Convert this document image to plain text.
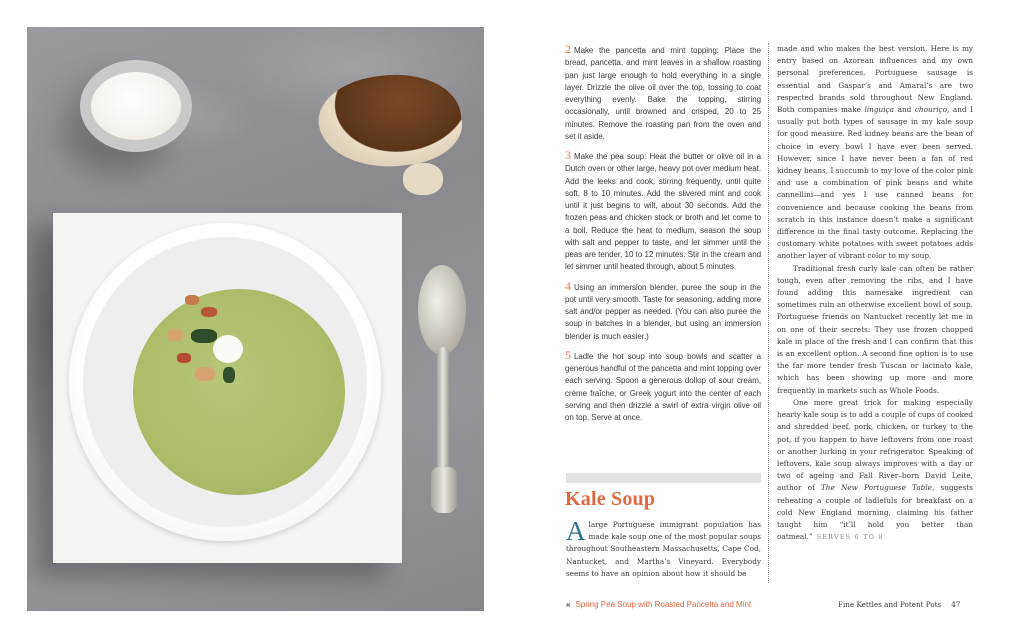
2 Make the pancetta and mint topping: Place the bread, pancetta, and mint leaves in a shallow roasting pan just large enough to hold everything in a single layer. Drizzle the olive oil over the top, tossing to coat everything evenly. Bake the topping, stirring occasionally, until browned and crisped, 20 to 25 minutes. Remove the roasting pan from the oven and set it aside.

3 Make the pea soup: Heat the butter or olive oil in a Dutch oven or other large, heavy pot over medium heat. Add the leeks and cook, stirring frequently, until quite soft, 8 to 10 minutes. Add the slivered mint and cook until it just begins to wilt, about 30 seconds. Add the frozen peas and chicken stock or broth and let come to a boil. Reduce the heat to medium, season the soup with salt and pepper to taste, and let simmer until the peas are tender, 10 to 12 minutes. Stir in the cream and let simmer until heated through, about 5 minutes.

4 Using an immersion blender, puree the soup in the pot until very smooth. Taste for seasoning, adding more salt and/or pepper as needed. (You can also puree the soup in batches in a blender, but using an immersion blender is much easier.)

5 Ladle the hot soup into soup bowls and scatter a generous handful of the pancetta and mint topping over each serving. Spoon a generous dollop of sour cream, crème fraîche, or Greek yogurt into the center of each serving and then drizzle a swirl of extra virgin olive oil on top. Serve at once.

Kale Soup
Alarge Portuguese immigrant population has made kale soup one of the most popular soups throughout Southeastern Massachusetts, Cape Cod, Nantucket, and Martha’s Vineyard. Everybody seems to have an opinion about how it should be
made and who makes the best version. Here is my entry based on Azorean influences and my own personal preferences. Portuguese sausage is essential and Gaspar’s and Amaral’s are two respected brands sold throughout New England. Both companies make linguiça and chouriço, and I usually put both types of sausage in my kale soup for good measure. Red kidney beans are the bean of choice in every bowl I have ever been served. However, since I have never been a fan of red kidney beans, I succumb to my love of the color pink and use a combination of pink beans and white cannellini—and yes I use canned beans for convenience and because cooking the beans from scratch in this instance doesn’t make a significant difference in the final tasty outcome. Replacing the customary white potatoes with sweet potatoes adds another layer of vibrant color to my soup.
Traditional fresh curly kale can often be rather tough, even after removing the ribs, and I have found adding this namesake ingredient can sometimes ruin an otherwise excellent bowl of soup. Portuguese friends on Nantucket recently let me in on one of their secrets: They use frozen chopped kale in place of the fresh and I can confirm that this is an excellent option. A second fine option is to use the far more tender fresh Tuscan or lacinato kale, which has been showing up more and more frequently in markets such as Whole Foods.
One more great trick for making especially hearty kale soup is to add a couple of cups of cooked and shredded beef, pork, chicken, or turkey to the pot, if you happen to have leftovers from one roast or another lurking in your refrigerator. Speaking of leftovers, kale soup always improves with a day or two of ageing and Fall River–born David Leite, author of The New Portuguese Table, suggests reheating a couple of ladlefuls for breakfast on a cold New England morning, claiming his father taught him “it’ll hold you better than oatmeal.” SERVES 6 TO 8
« Spring Pea Soup with Roasted Pancetta and Mint	Fine Kettles and Potent Pots 47
